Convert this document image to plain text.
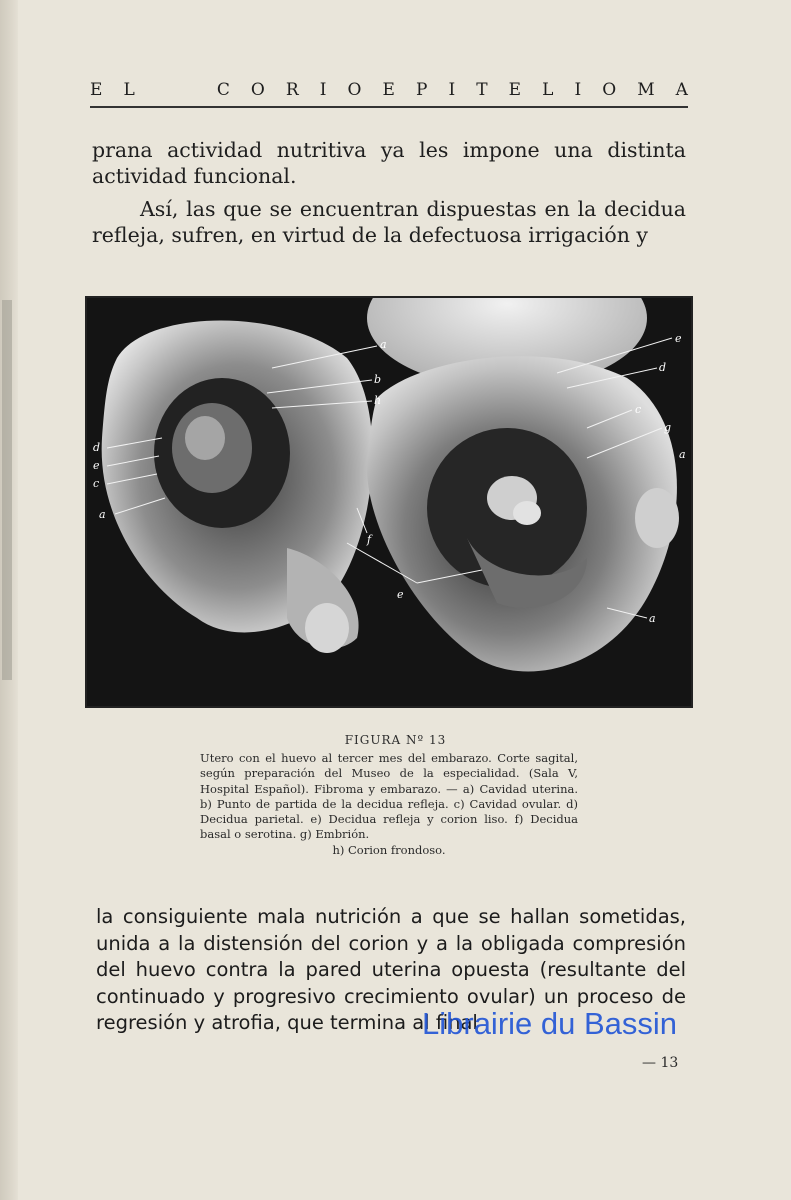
E L	C O R I O E P I T E L I O M A
prana actividad nutritiva ya les impone una distinta actividad funcional.
Así, las que se encuentran dispuestas en la decidua refleja, sufren, en virtud de la defectuosa irrigación y
a
b
h
d
e
c
a
f
e
e
d
c
g
a
a
FIGURA Nº 13
Utero con el huevo al tercer mes del embarazo. Corte sagital, según preparación del Museo de la especialidad. (Sala V, Hospital Español). Fibroma y embarazo. — a) Cavidad uterina. b) Punto de partida de la decidua refleja. c) Cavidad ovular. d) Decidua parietal. e) Decidua refleja y corion liso. f) Decidua basal o serotina. g) Embrión.
h) Corion frondoso.
la consiguiente mala nutrición a que se hallan sometidas, unida a la distensión del corion y a la obligada compresión del huevo contra la pared uterina opuesta (resultante del continuado y progresivo crecimiento ovular) un proceso de regresión y atrofia, que termina al final
Librairie du Bassin
— 13
